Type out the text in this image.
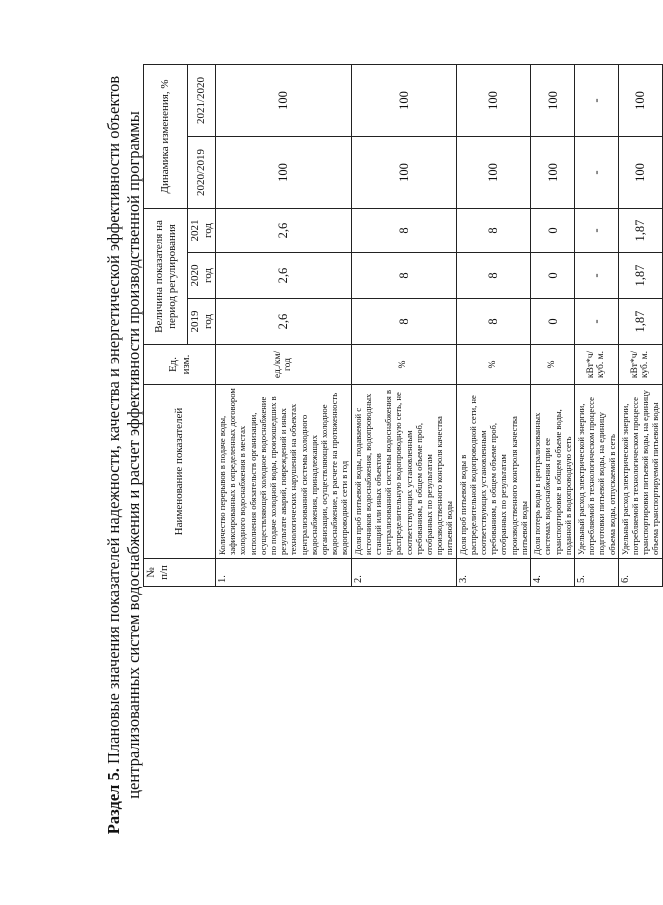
Раздел 5. Плановые значения показателей надежности, качества и энергетической эффективности объектов
централизованных систем водоснабжения и расчет эффективности производственной программы № п/п	Наименование показателей	Ед. изм.	Величина показателя на период регулирования			Динамика изменения, %	
			2019 год	2020 год	2021 год	2020/2019	2021/2020

1.	Количество перерывов в подаче воды, зафиксированных в определенных договором холодного водоснабжения в местах исполнения обязательств организации, осуществляющей холодное водоснабжение по подаче холодной воды, произошедших в результате аварий, повреждений и иных технологических нарушений на объектах централизованной системы холодного водоснабжения, принадлежащих организации, осуществляющей холодное водоснабжение, в расчете на протяженность водопроводной сети в год	ед./км/год	2,6	2,6	2,6	100	100
2.	Доля проб питьевой воды, подаваемой с источников водоснабжения, водопроводных станций или иных объектов централизованной системы водоснабжения в распределительную водопроводную сеть, не соответствующих установленным требованиям, в общем объеме проб, отобранных по результатам производственного контроля качества питьевой воды	%	8	8	8	100	100
3.	Доля проб питьевой воды в распределительной водопроводной сети, не соответствующих установленным требованиям, в общем объеме проб, отобранных по результатам производственного контроля качества питьевой воды	%	8	8	8	100	100
4.	Доля потерь воды в централизованных системах водоснабжения при ее транспортировке в общем объеме воды, поданной в водопроводную сеть	%	0	0	0	100	100
5.	Удельный расход электрической энергии, потребляемой в технологическом процессе подготовки питьевой воды, на единицу объема воды, отпускаемой в сеть	кВт*ч/куб. м.	-	-	-	-	-
6.	Удельный расход электрической энергии, потребляемой в технологическом процессе транспортировки питьевой воды, на единицу объема транспортируемой питьевой воды	кВт*ч/куб. м.	1,87	1,87	1,87	100	100
